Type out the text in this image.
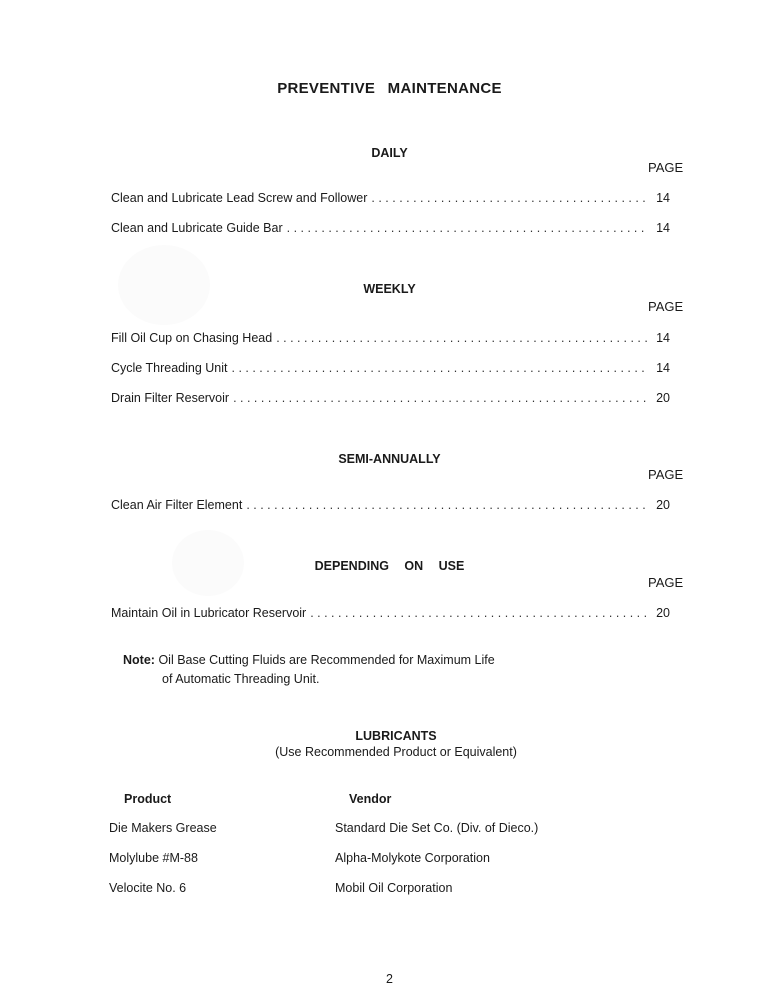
PREVENTIVE MAINTENANCE
DAILY
PAGE
Clean and Lubricate Lead Screw and Follower . . .	14
Clean and Lubricate Guide Bar . . .	14
WEEKLY
PAGE
Fill Oil Cup on Chasing Head . . .	14
Cycle Threading Unit . . .	14
Drain Filter Reservoir . . .	20
SEMI-ANNUALLY
PAGE
Clean Air Filter Element . . .	20
DEPENDING ON USE
PAGE
Maintain Oil in Lubricator Reservoir . . .	20
Note: Oil Base Cutting Fluids are Recommended for Maximum Life
of Automatic Threading Unit.
LUBRICANTS
(Use Recommended Product or Equivalent)
Product	Vendor
Die Makers Grease	Standard Die Set Co. (Div. of Dieco.)
Molylube #M-88	Alpha-Molykote Corporation
Velocite No. 6	Mobil Oil Corporation
2
